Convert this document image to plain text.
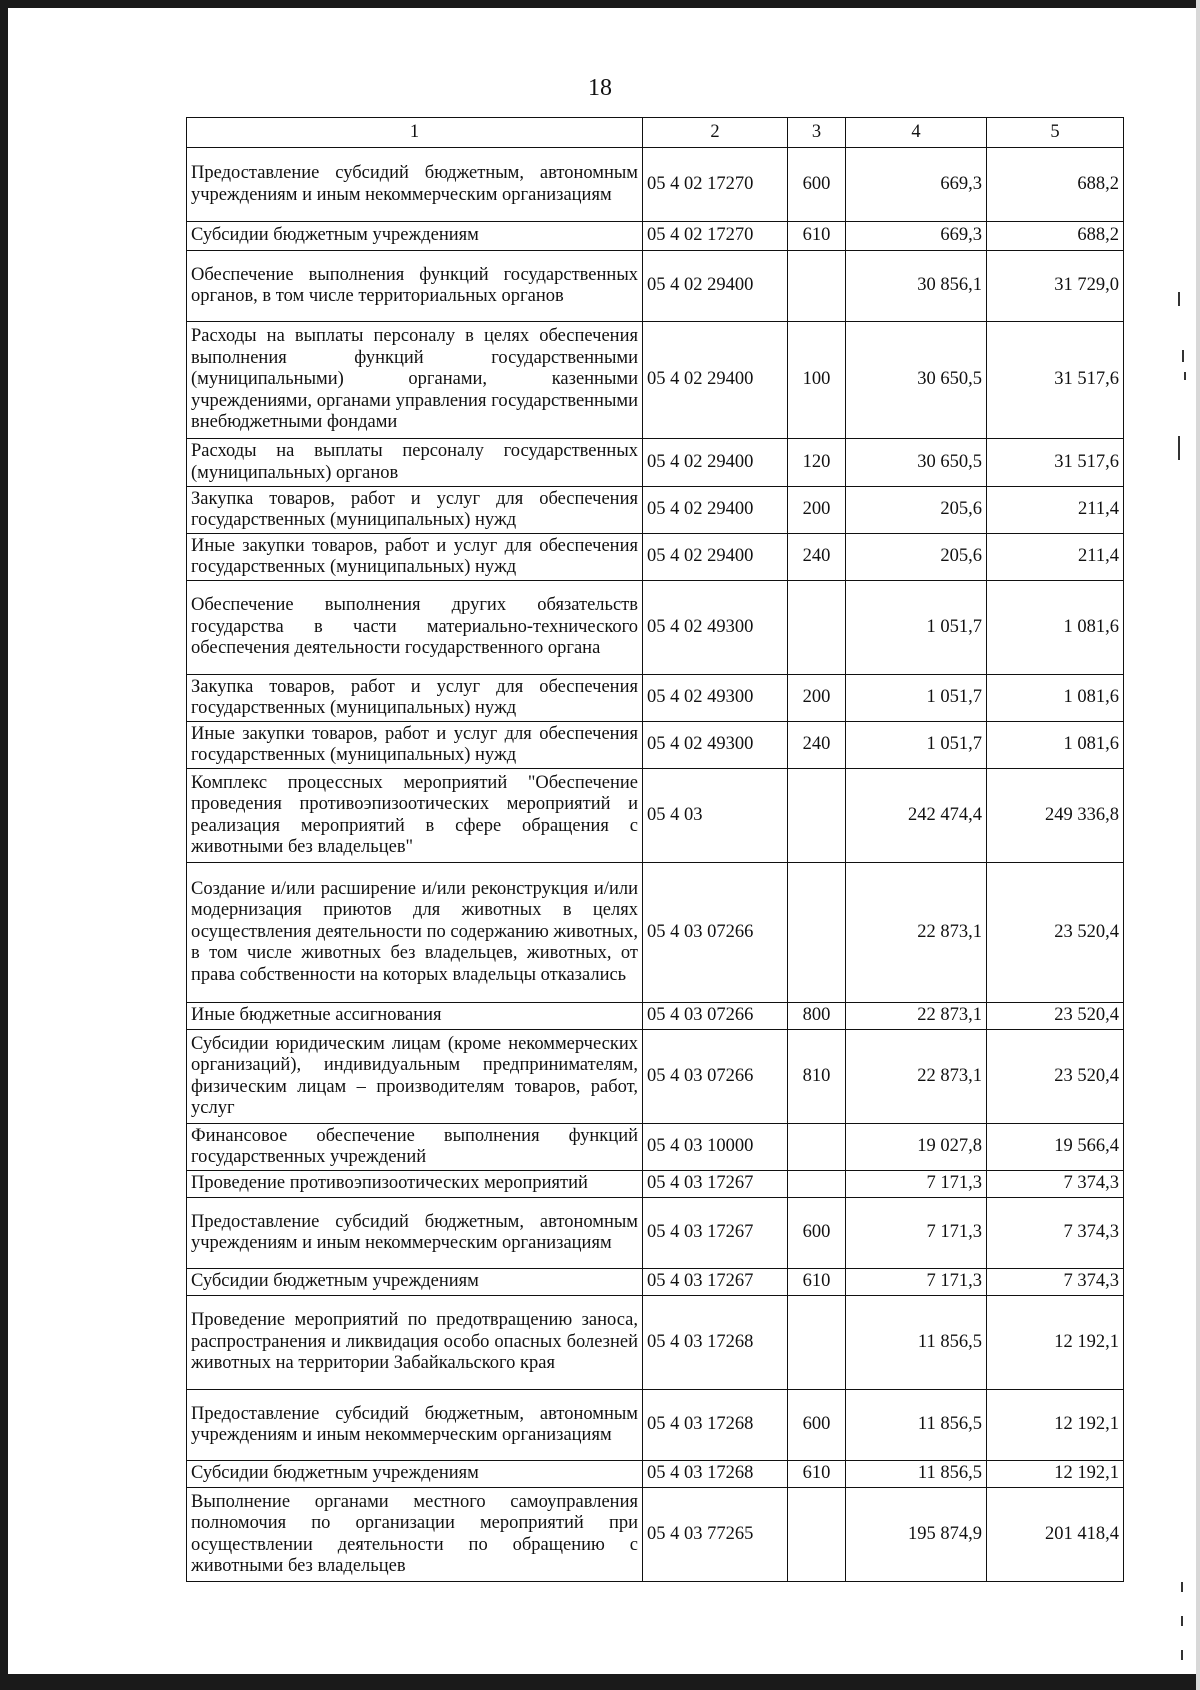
18
1	2	3	4	5
Предоставление субсидий бюджетным, автономным учреждениям и иным некоммерческим организациям	05 4 02 17270	600	669,3	688,2
Субсидии бюджетным учреждениям	05 4 02 17270	610	669,3	688,2
Обеспечение выполнения функций государственных органов, в том числе территориальных органов	05 4 02 29400		30 856,1	31 729,0
Расходы на выплаты персоналу в целях обеспечения выполнения функций государственными (муниципальными) органами, казенными учреждениями, органами управления государственными внебюджетными фондами	05 4 02 29400	100	30 650,5	31 517,6
Расходы на выплаты персоналу государственных (муниципальных) органов	05 4 02 29400	120	30 650,5	31 517,6
Закупка товаров, работ и услуг для обеспечения государственных (муниципальных) нужд	05 4 02 29400	200	205,6	211,4
Иные закупки товаров, работ и услуг для обеспечения государственных (муниципальных) нужд	05 4 02 29400	240	205,6	211,4
Обеспечение выполнения других обязательств государства в части материально-технического обеспечения деятельности государственного органа	05 4 02 49300		1 051,7	1 081,6
Закупка товаров, работ и услуг для обеспечения государственных (муниципальных) нужд	05 4 02 49300	200	1 051,7	1 081,6
Иные закупки товаров, работ и услуг для обеспечения государственных (муниципальных) нужд	05 4 02 49300	240	1 051,7	1 081,6
Комплекс процессных мероприятий "Обеспечение проведения противоэпизоотических мероприятий и реализация мероприятий в сфере обращения с животными без владельцев"	05 4 03		242 474,4	249 336,8
Создание и/или расширение и/или реконструкция и/или модернизация приютов для животных в целях осуществления деятельности по содержанию животных, в том числе животных без владельцев, животных, от права собственности на которых владельцы отказались	05 4 03 07266		22 873,1	23 520,4
Иные бюджетные ассигнования	05 4 03 07266	800	22 873,1	23 520,4
Субсидии юридическим лицам (кроме некоммерческих организаций), индивидуальным предпринимателям, физическим лицам – производителям товаров, работ, услуг	05 4 03 07266	810	22 873,1	23 520,4
Финансовое обеспечение выполнения функций государственных учреждений	05 4 03 10000		19 027,8	19 566,4
Проведение противоэпизоотических мероприятий	05 4 03 17267		7 171,3	7 374,3
Предоставление субсидий бюджетным, автономным учреждениям и иным некоммерческим организациям	05 4 03 17267	600	7 171,3	7 374,3
Субсидии бюджетным учреждениям	05 4 03 17267	610	7 171,3	7 374,3
Проведение мероприятий по предотвращению заноса, распространения и ликвидация особо опасных болезней животных на территории Забайкальского края	05 4 03 17268		11 856,5	12 192,1
Предоставление субсидий бюджетным, автономным учреждениям и иным некоммерческим организациям	05 4 03 17268	600	11 856,5	12 192,1
Субсидии бюджетным учреждениям	05 4 03 17268	610	11 856,5	12 192,1
Выполнение органами местного самоуправления полномочия по организации мероприятий при осуществлении деятельности по обращению с животными без владельцев	05 4 03 77265		195 874,9	201 418,4
